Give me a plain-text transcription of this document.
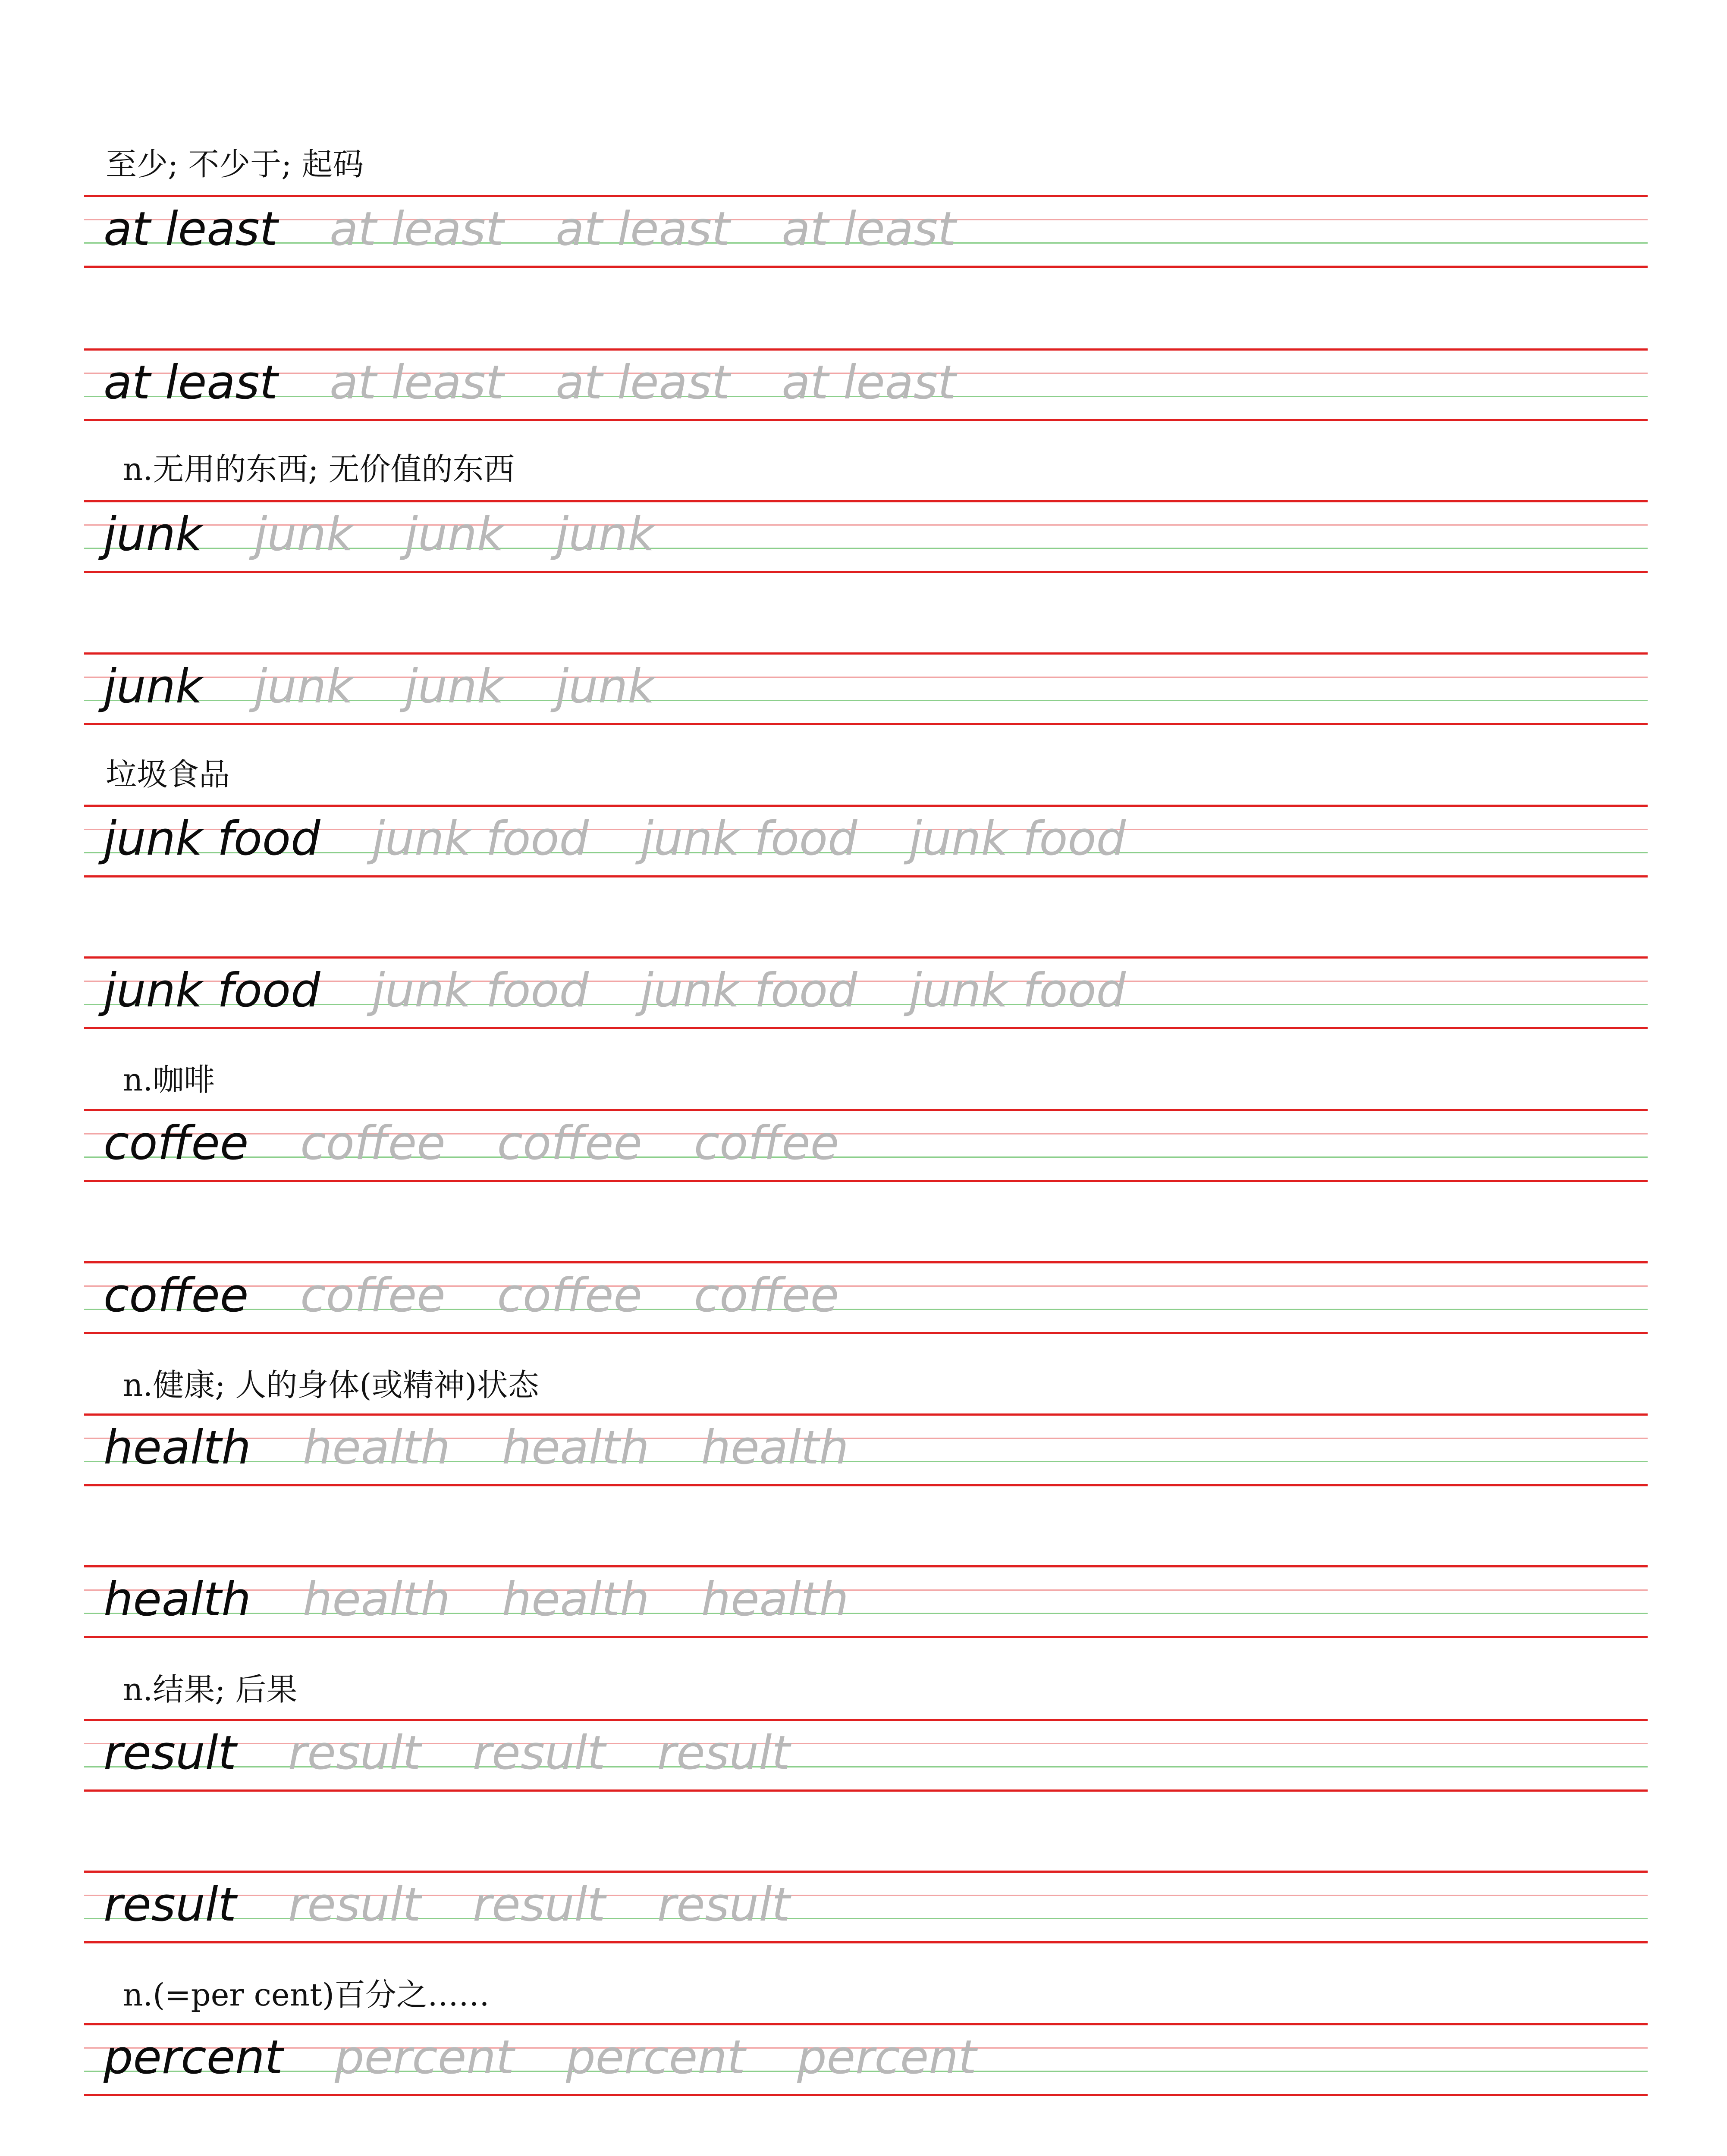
至少; 不少于; 起码
at least at least at least at least
at least at least at least at least
n.无用的东西; 无价值的东西
junk junk junk junk
junk junk junk junk
垃圾食品
junk food junk food junk food junk food
junk food junk food junk food junk food
n.咖啡
coffee coffee coffee coffee
coffee coffee coffee coffee
n.健康; 人的身体(或精神)状态
health health health health
health health health health
n.结果; 后果
result result result result
result result result result
n.(=per cent)百分之……
percent percent percent percent
